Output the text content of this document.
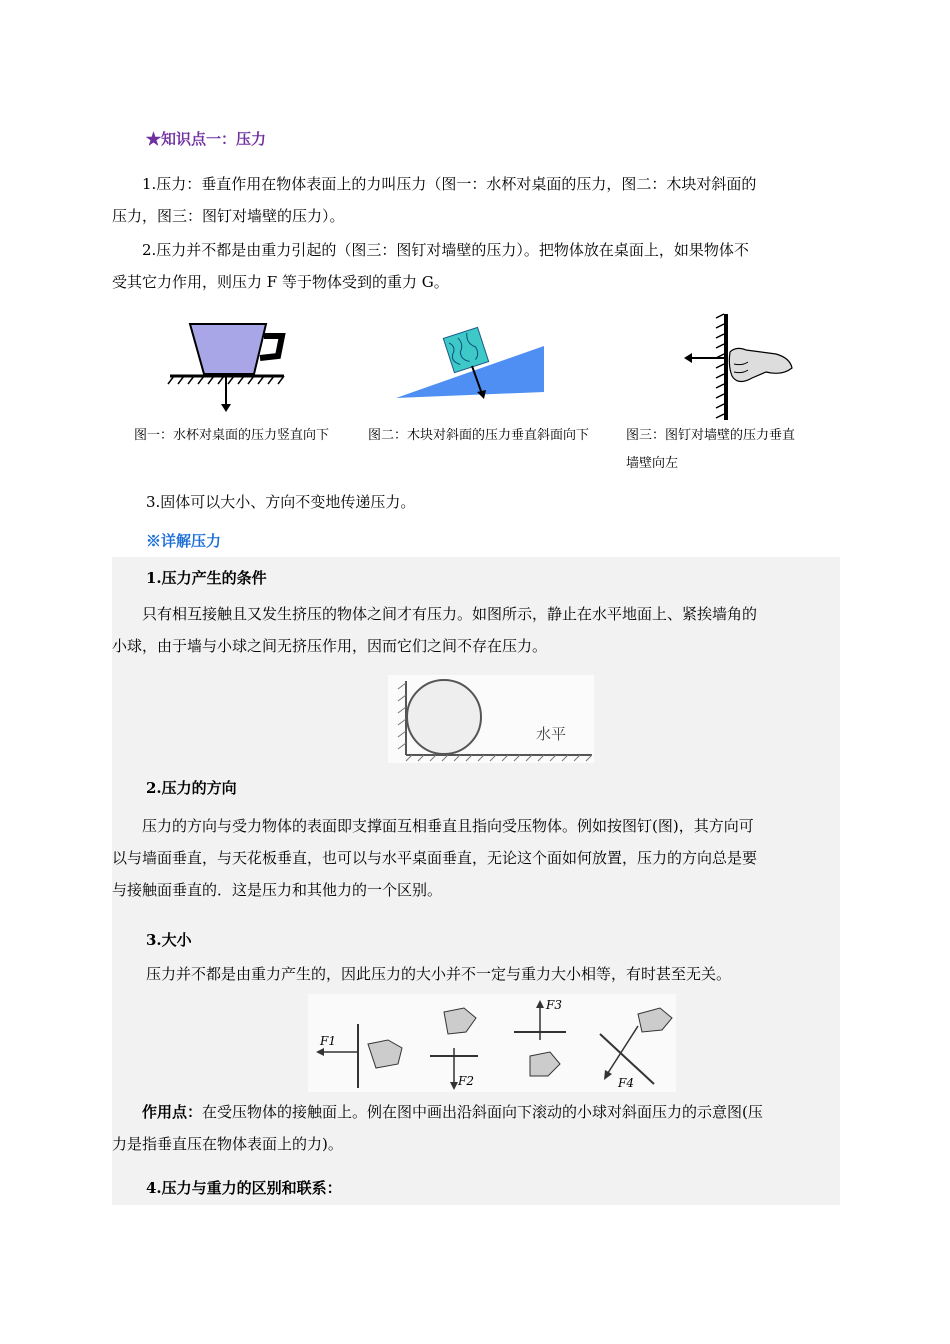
★知识点一：压力
1.压力：垂直作用在物体表面上的力叫压力（图一：水杯对桌面的压力，图二：木块对斜面的
压力，图三：图钉对墙壁的压力）。
2.压力并不都是由重力引起的（图三：图钉对墙壁的压力）。把物体放在桌面上，如果物体不
受其它力作用，则压力 F 等于物体受到的重力 G。
图一：水杯对桌面的压力竖直向下	图二：木块对斜面的压力垂直斜面向下	图三：图钉对墙壁的压力垂直
墙壁向左
3.固体可以大小、方向不变地传递压力。
※详解压力
1.压力产生的条件
只有相互接触且又发生挤压的物体之间才有压力。如图所示，静止在水平地面上、紧挨墙角的
小球，由于墙与小球之间无挤压作用，因而它们之间不存在压力。
水平
2.压力的方向
压力的方向与受力物体的表面即支撑面互相垂直且指向受压物体。例如按图钉(图)，其方向可
以与墙面垂直，与天花板垂直，也可以与水平桌面垂直，无论这个面如何放置，压力的方向总是要
与接触面垂直的．这是压力和其他力的一个区别。
3.大小
压力并不都是由重力产生的，因此压力的大小并不一定与重力大小相等，有时甚至无关。
F1
F2
F3
F4
作用点：在受压物体的接触面上。例在图中画出沿斜面向下滚动的小球对斜面压力的示意图(压
力是指垂直压在物体表面上的力)。
4.压力与重力的区别和联系：
